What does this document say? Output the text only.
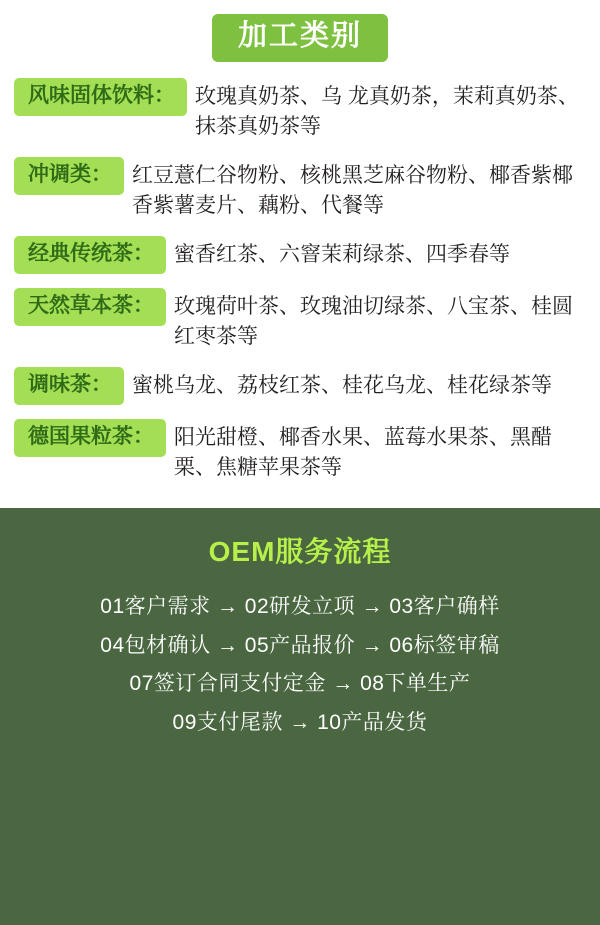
加工类别
风味固体饮料： 玫瑰真奶茶、乌 龙真奶茶，茉莉真奶茶、抹茶真奶茶等
冲调类： 红豆薏仁谷物粉、核桃黑芝麻谷物粉、椰香紫椰香紫薯麦片、藕粉、代餐等
经典传统茶： 蜜香红茶、六窨茉莉绿茶、四季春等
天然草本茶： 玫瑰荷叶茶、玫瑰油切绿茶、八宝茶、桂圆红枣茶等
调味茶： 蜜桃乌龙、荔枝红茶、桂花乌龙、桂花绿茶等
德国果粒茶： 阳光甜橙、椰香水果、蓝莓水果茶、黑醋栗、焦糖苹果茶等
OEM服务流程
01客户需求 → 02研发立项 → 03客户确样
04包材确认 → 05产品报价 → 06标签审稿
07签订合同支付定金 → 08下单生产
09支付尾款 → 10产品发货
